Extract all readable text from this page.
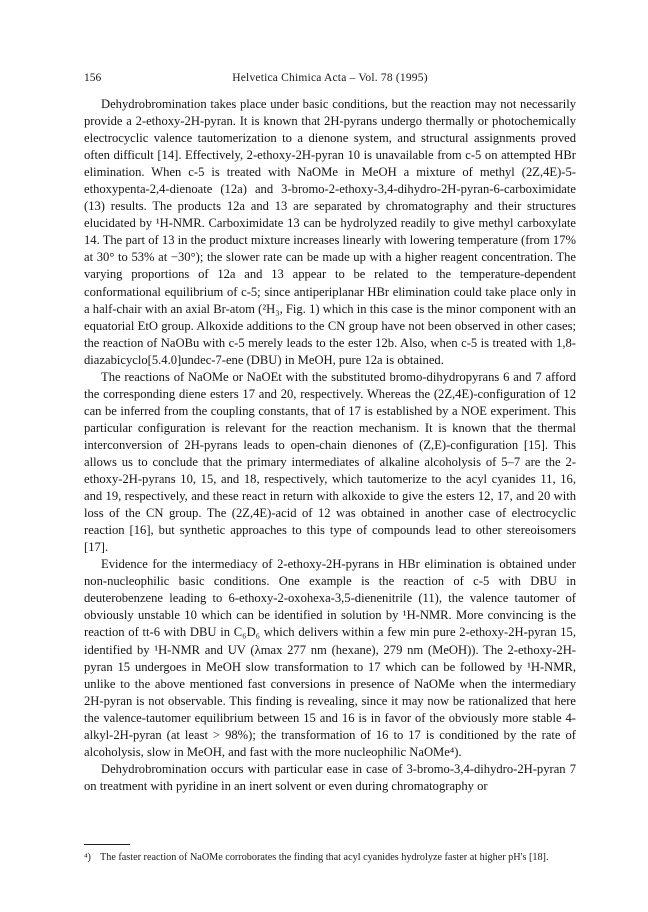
156	Helvetica Chimica Acta – Vol. 78 (1995)

Dehydrobromination takes place under basic conditions, but the reaction may not necessarily provide a 2-ethoxy-2H-pyran. It is known that 2H-pyrans undergo thermally or photochemically electrocyclic valence tautomerization to a dienone system, and structural assignments proved often difficult [14]. Effectively, 2-ethoxy-2H-pyran 10 is unavailable from c-5 on attempted HBr elimination. When c-5 is treated with NaOMe in MeOH a mixture of methyl (2Z,4E)-5-ethoxypenta-2,4-dienoate (12a) and 3-bromo-2-ethoxy-3,4-dihydro-2H-pyran-6-carboximidate (13) results. The products 12a and 13 are separated by chromatography and their structures elucidated by ¹H-NMR. Carboximidate 13 can be hydrolyzed readily to give methyl carboxylate 14. The part of 13 in the product mixture increases linearly with lowering temperature (from 17% at 30° to 53% at −30°); the slower rate can be made up with a higher reagent concentration. The varying proportions of 12a and 13 appear to be related to the temperature-dependent conformational equilibrium of c-5; since antiperiplanar HBr elimination could take place only in a half-chair with an axial Br-atom (²H₃, Fig. 1) which in this case is the minor component with an equatorial EtO group. Alkoxide additions to the CN group have not been observed in other cases; the reaction of NaOBu with c-5 merely leads to the ester 12b. Also, when c-5 is treated with 1,8-diazabicyclo[5.4.0]undec-7-ene (DBU) in MeOH, pure 12a is obtained.

The reactions of NaOMe or NaOEt with the substituted bromo-dihydropyrans 6 and 7 afford the corresponding diene esters 17 and 20, respectively. Whereas the (2Z,4E)-configuration of 12 can be inferred from the coupling constants, that of 17 is established by a NOE experiment. This particular configuration is relevant for the reaction mechanism. It is known that the thermal interconversion of 2H-pyrans leads to open-chain dienones of (Z,E)-configuration [15]. This allows us to conclude that the primary intermediates of alkaline alcoholysis of 5–7 are the 2-ethoxy-2H-pyrans 10, 15, and 18, respectively, which tautomerize to the acyl cyanides 11, 16, and 19, respectively, and these react in return with alkoxide to give the esters 12, 17, and 20 with loss of the CN group. The (2Z,4E)-acid of 12 was obtained in another case of electrocyclic reaction [16], but synthetic approaches to this type of compounds lead to other stereoisomers [17].

Evidence for the intermediacy of 2-ethoxy-2H-pyrans in HBr elimination is obtained under non-nucleophilic basic conditions. One example is the reaction of c-5 with DBU in deuterobenzene leading to 6-ethoxy-2-oxohexa-3,5-dienenitrile (11), the valence tautomer of obviously unstable 10 which can be identified in solution by ¹H-NMR. More convincing is the reaction of tt-6 with DBU in C₆D₆ which delivers within a few min pure 2-ethoxy-2H-pyran 15, identified by ¹H-NMR and UV (λmax 277 nm (hexane), 279 nm (MeOH)). The 2-ethoxy-2H-pyran 15 undergoes in MeOH slow transformation to 17 which can be followed by ¹H-NMR, unlike to the above mentioned fast conversions in presence of NaOMe when the intermediary 2H-pyran is not observable. This finding is revealing, since it may now be rationalized that here the valence-tautomer equilibrium between 15 and 16 is in favor of the obviously more stable 4-alkyl-2H-pyran (at least > 98%); the transformation of 16 to 17 is conditioned by the rate of alcoholysis, slow in MeOH, and fast with the more nucleophilic NaOMe⁴).

Dehydrobromination occurs with particular ease in case of 3-bromo-3,4-dihydro-2H-pyran 7 on treatment with pyridine in an inert solvent or even during chromatography or

⁴) The faster reaction of NaOMe corroborates the finding that acyl cyanides hydrolyze faster at higher pH's [18].
